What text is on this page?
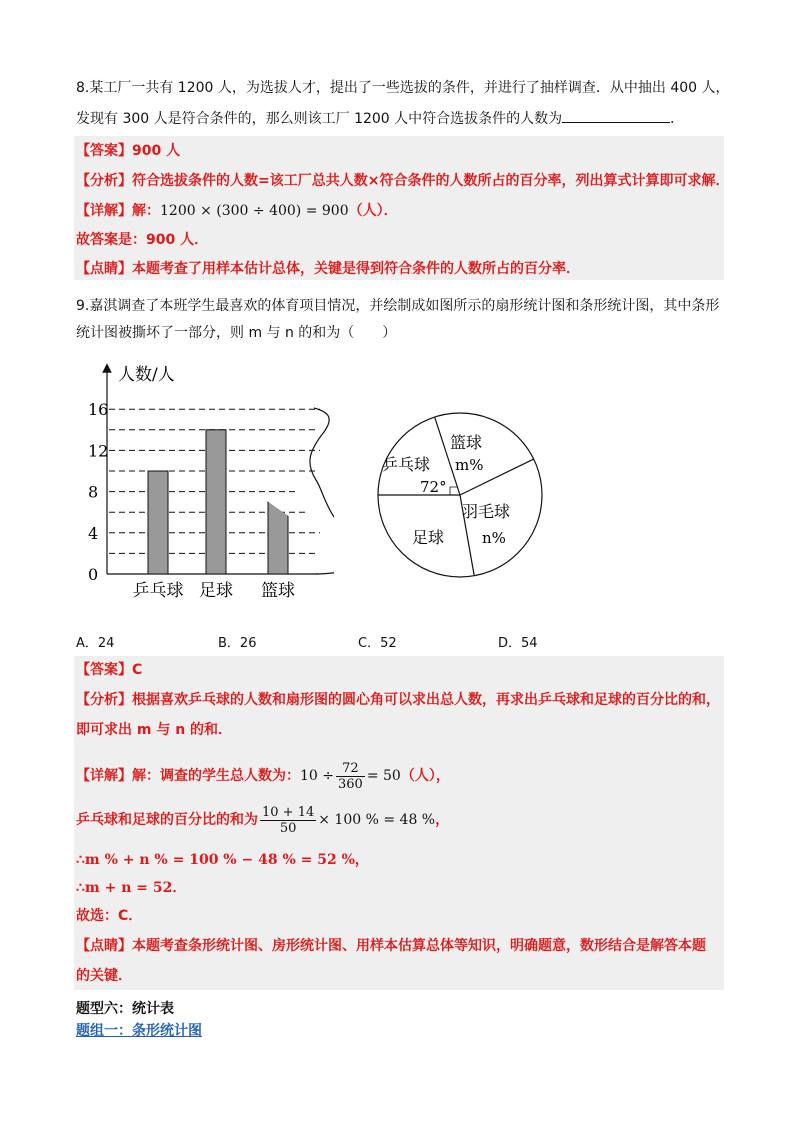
8.某工厂一共有 1200 人，为选拔人才，提出了一些选拔的条件，并进行了抽样调查．从中抽出 400 人，
发现有 300 人是符合条件的，那么则该工厂 1200 人中符合选拔条件的人数为	．
【答案】900 人
【分析】符合选拔条件的人数=该工厂总共人数×符合条件的人数所占的百分率，列出算式计算即可求解．
【详解】解：1200 × (300 ÷ 400) = 900（人）．
故答案是：900 人．
【点睛】本题考查了用样本估计总体，关键是得到符合条件的人数所占的百分率．
9.嘉淇调查了本班学生最喜欢的体育项目情况，并绘制成如图所示的扇形统计图和条形统计图，其中条形
统计图被撕坏了一部分，则 m 与 n 的和为（　　）
人数/人
0
4
8
12
16
乒乓球 足球 篮球
篮球
m%
乒乓球
72°
羽毛球
n%
足球
A．24	B．26	C．52	D．54
【答案】C
【分析】根据喜欢乒乓球的人数和扇形图的圆心角可以求出总人数，再求出乒乓球和足球的百分比的和，
即可求出 m 与 n 的和．
【详解】解：调查的学生总人数为：$10 \div \frac{72}{360} = 50$（人），
乒乓球和足球的百分比的和为 $\frac{10 + 14}{50} \times 100$ % = 48 %，
∴m % + n % = 100 % − 48 % = 52 %，
∴m + n = 52．
故选：C．
【点睛】本题考查条形统计图、房形统计图、用样本估算总体等知识，明确题意，数形结合是解答本题
的关键．
题型六：统计表
题组一：条形统计图
